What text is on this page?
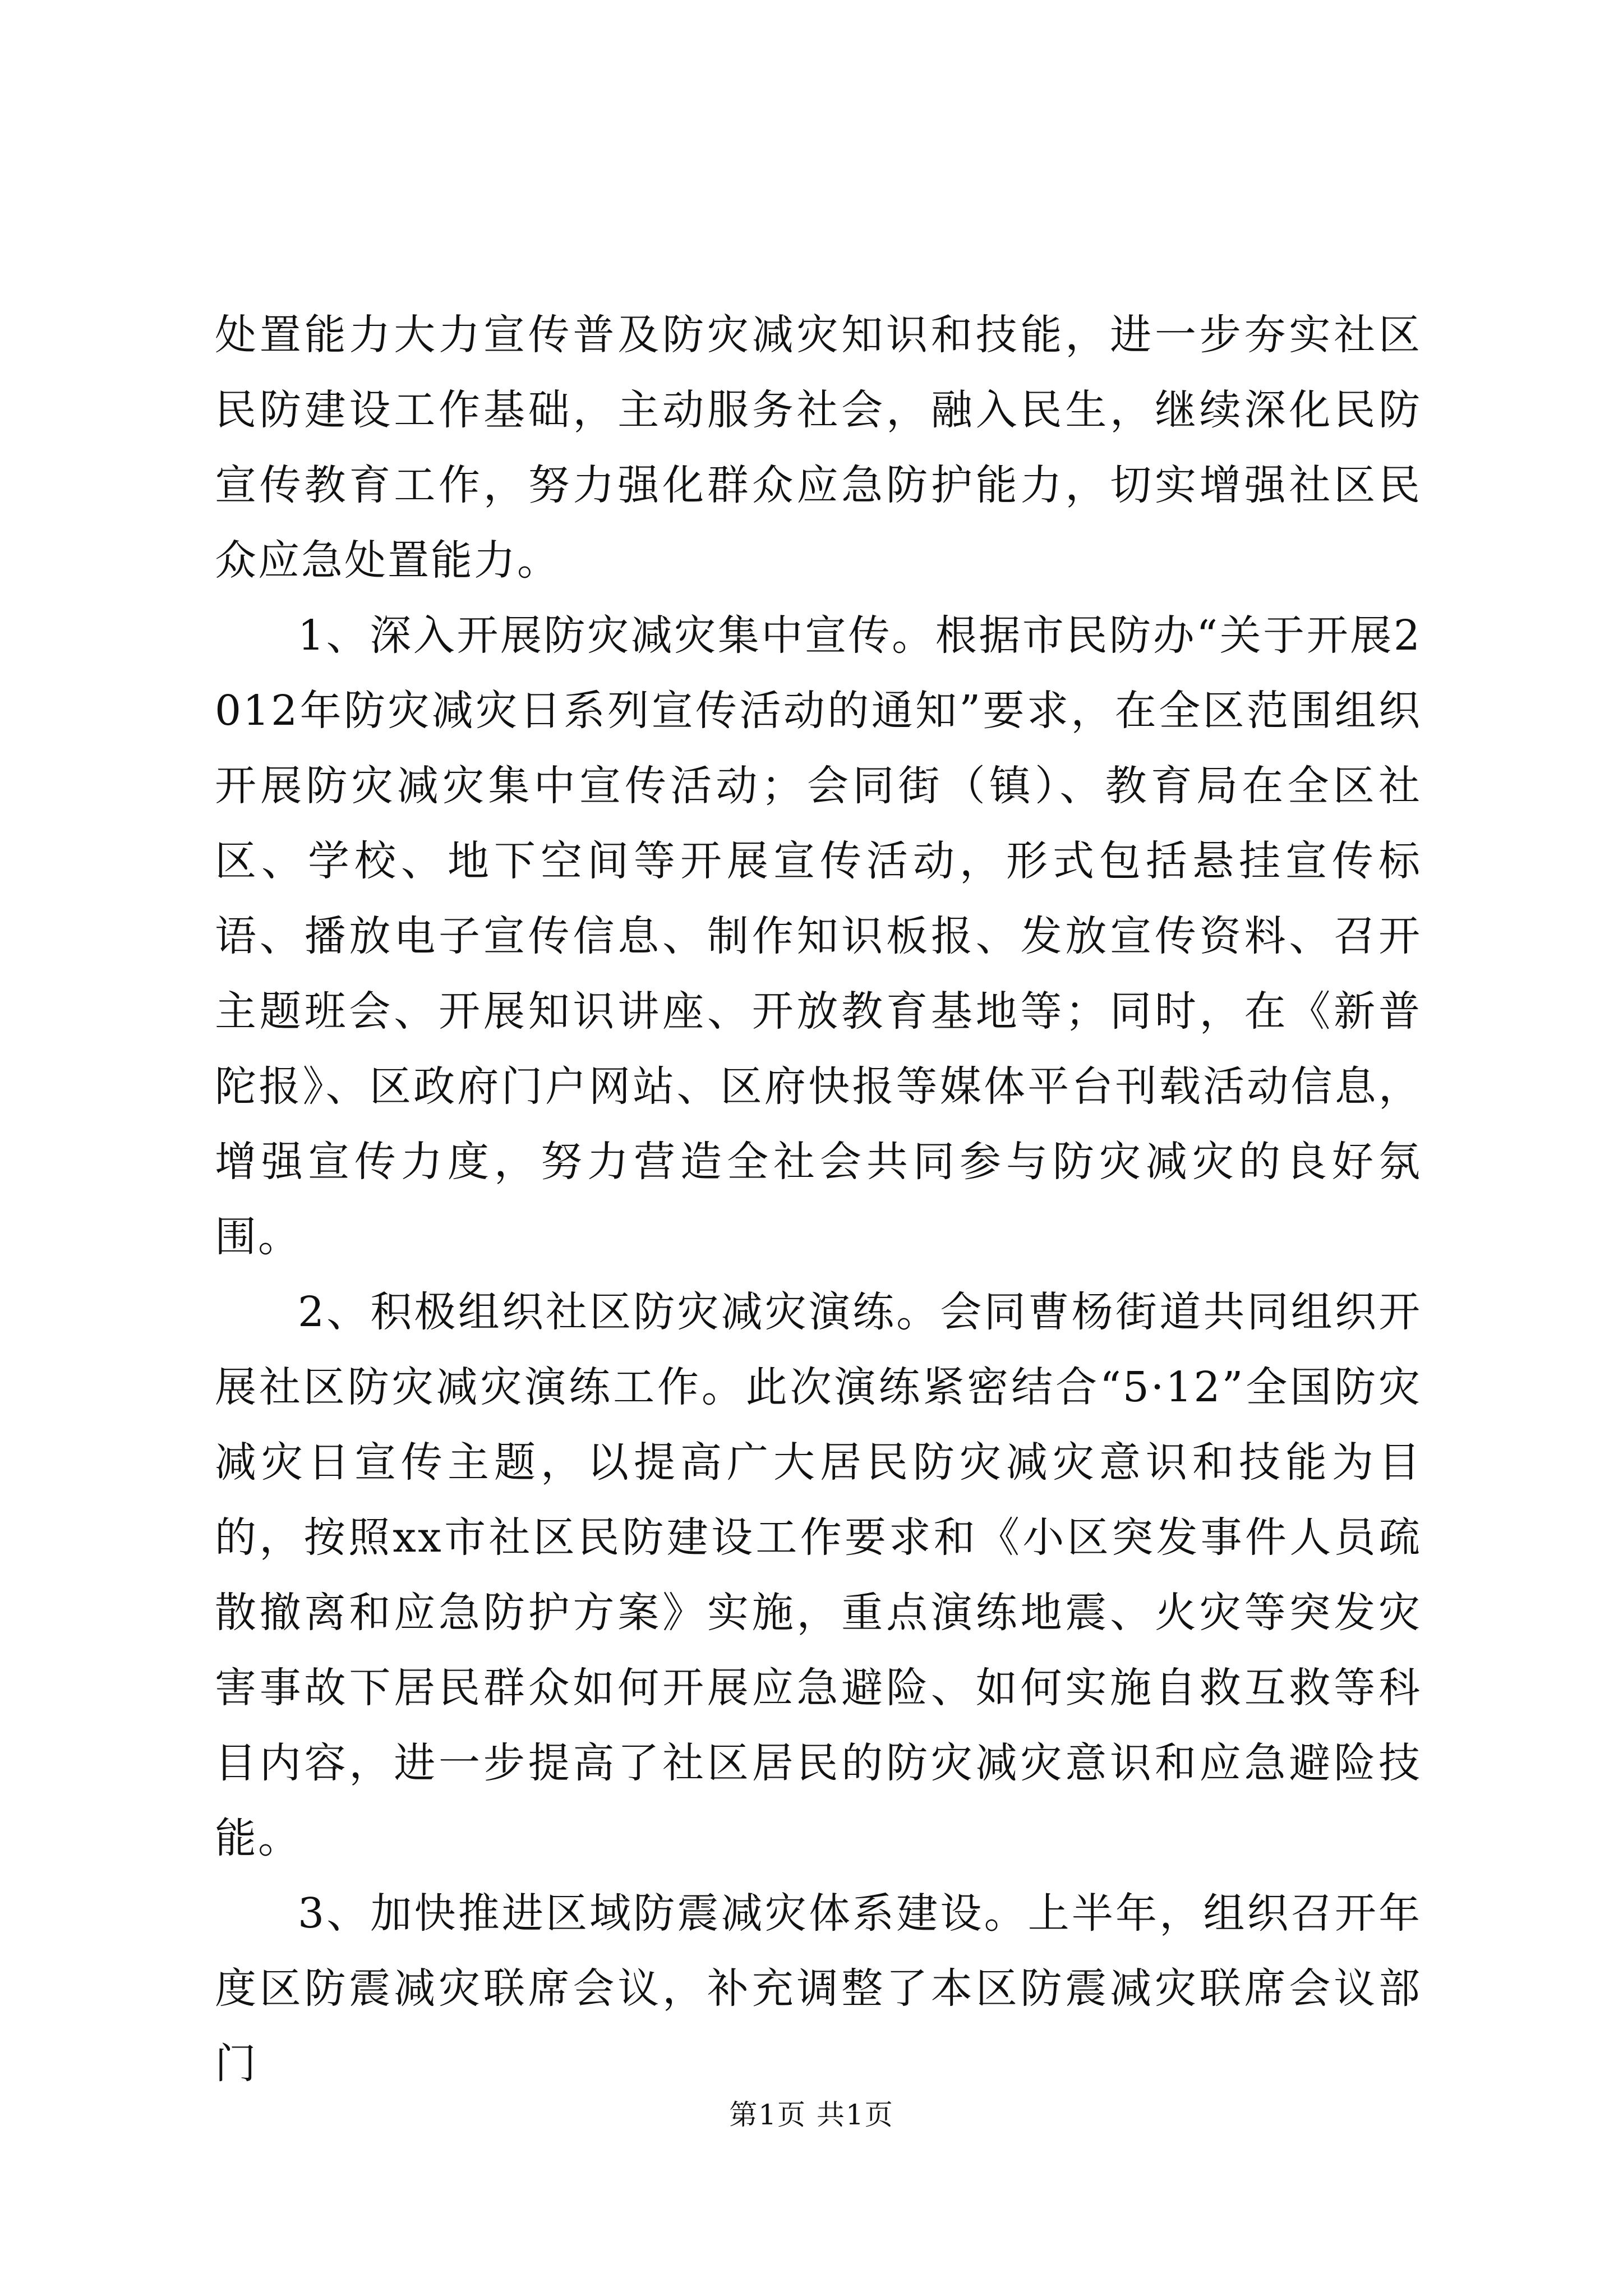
处置能力大力宣传普及防灾减灾知识和技能，进一步夯实社区民防建设工作基础，主动服务社会，融入民生，继续深化民防宣传教育工作，努力强化群众应急防护能力，切实增强社区民众应急处置能力。

1、深入开展防灾减灾集中宣传。根据市民防办“关于开展2012年防灾减灾日系列宣传活动的通知”要求，在全区范围组织开展防灾减灾集中宣传活动；会同街（镇）、教育局在全区社区、学校、地下空间等开展宣传活动，形式包括悬挂宣传标语、播放电子宣传信息、制作知识板报、发放宣传资料、召开主题班会、开展知识讲座、开放教育基地等；同时，在《新普陀报》、区政府门户网站、区府快报等媒体平台刊载活动信息，增强宣传力度，努力营造全社会共同参与防灾减灾的良好氛围。

2、积极组织社区防灾减灾演练。会同曹杨街道共同组织开展社区防灾减灾演练工作。此次演练紧密结合“5·12”全国防灾减灾日宣传主题，以提高广大居民防灾减灾意识和技能为目的，按照xx市社区民防建设工作要求和《小区突发事件人员疏散撤离和应急防护方案》实施，重点演练地震、火灾等突发灾害事故下居民群众如何开展应急避险、如何实施自救互救等科目内容，进一步提高了社区居民的防灾减灾意识和应急避险技能。

3、加快推进区域防震减灾体系建设。上半年，组织召开年度区防震减灾联席会议，补充调整了本区防震减灾联席会议部门

第1页 共1页
